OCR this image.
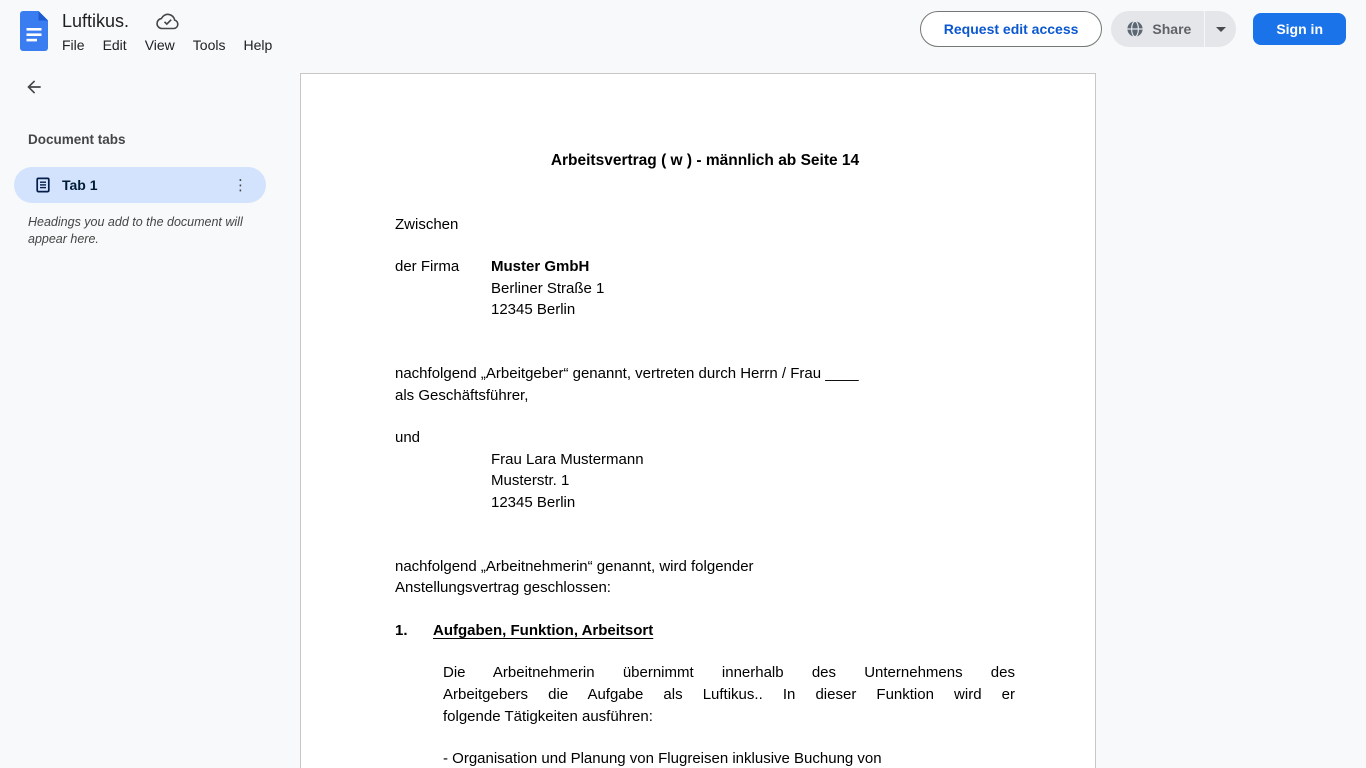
Luftikus.
File Edit View Tools Help
Request edit access	Share	Sign in
Document tabs
Tab 1	⋮
Headings you add to the document will appear here.
Arbeitsvertrag ( w ) - männlich ab Seite 14
Zwischen
der Firma Muster GmbH
Berliner Straße 1
12345 Berlin
nachfolgend „Arbeitgeber“ genannt, vertreten durch Herrn / Frau ____
als Geschäftsführer,
und
Frau Lara Mustermann
Musterstr. 1
12345 Berlin
nachfolgend „Arbeitnehmerin“ genannt, wird folgender
Anstellungsvertrag geschlossen:
1. Aufgaben, Funktion, Arbeitsort
Die Arbeitnehmerin übernimmt innerhalb des Unternehmens des
Arbeitgebers die Aufgabe als Luftikus.. In dieser Funktion wird er
folgende Tätigkeiten ausführen:
- Organisation und Planung von Flugreisen inklusive Buchung von
